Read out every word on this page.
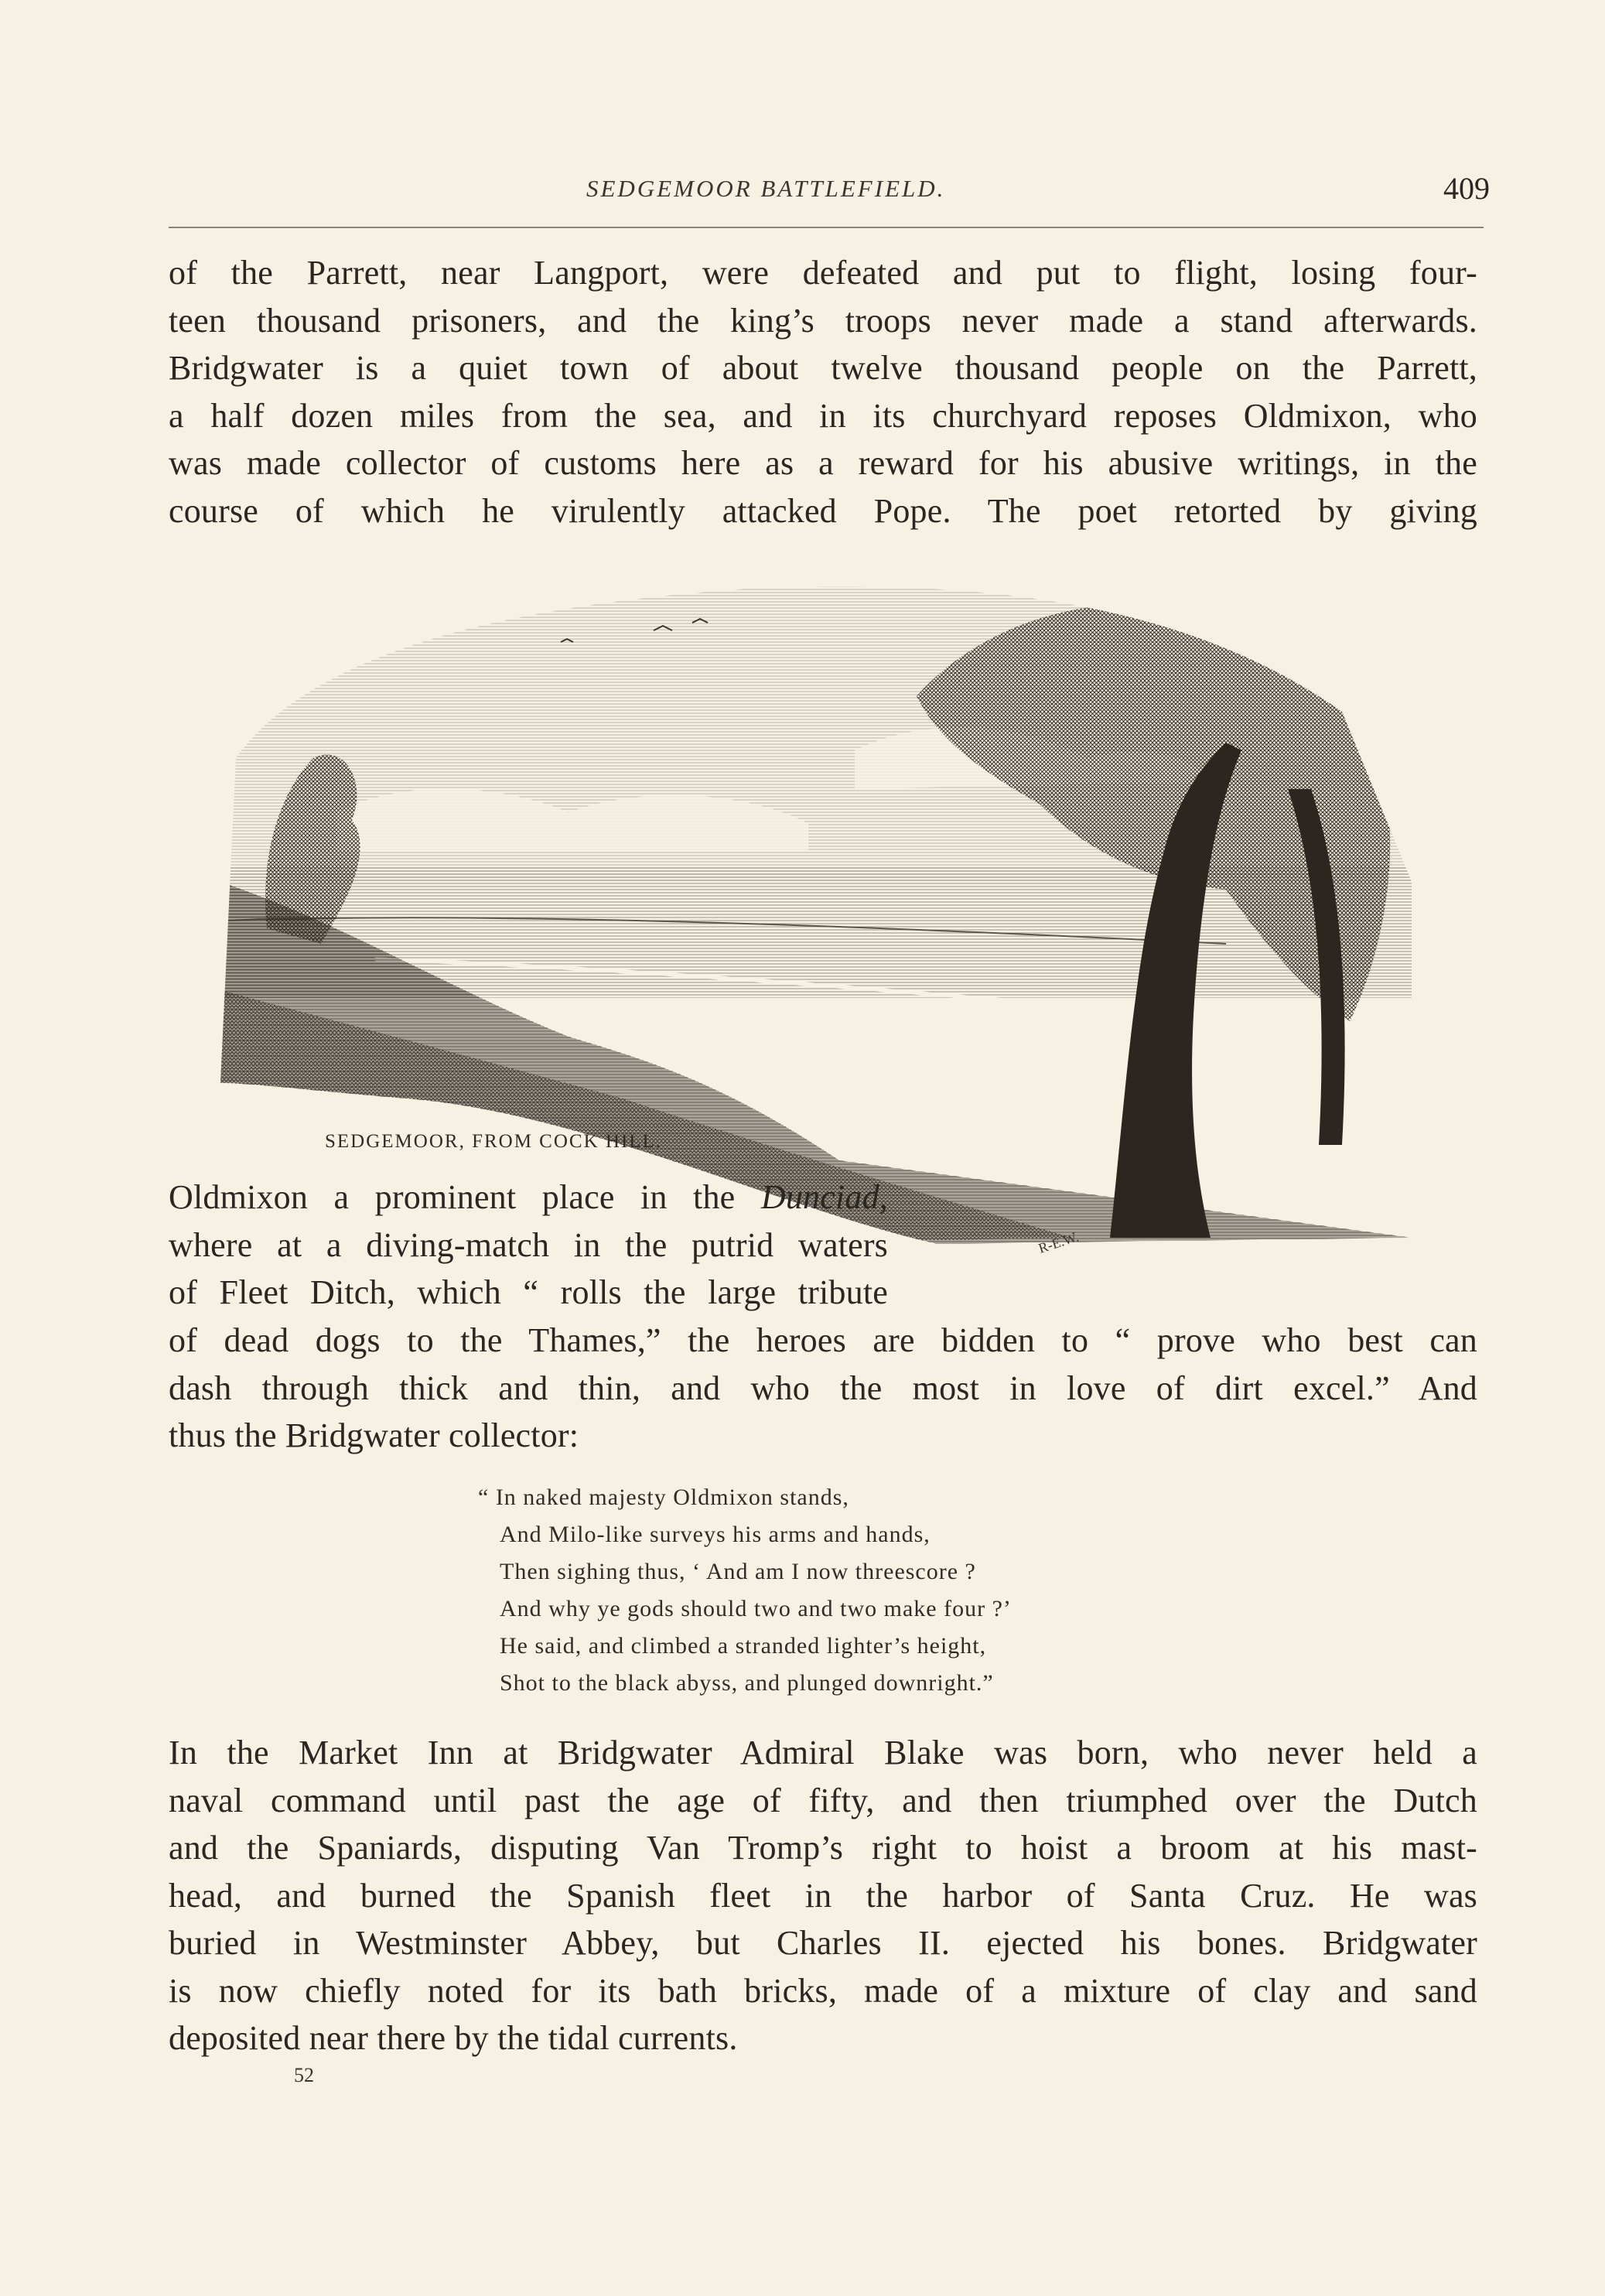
SEDGEMOOR BATTLEFIELD.	409
of the Parrett, near Langport, were defeated and put to flight, losing four-
teen thousand prisoners, and the king’s troops never made a stand afterwards.
Bridgwater is a quiet town of about twelve thousand people on the Parrett,
a half dozen miles from the sea, and in its churchyard reposes Oldmixon, who
was made collector of customs here as a reward for his abusive writings, in the
course of which he virulently attacked Pope. The poet retorted by giving
R-E.W.
SEDGEMOOR, FROM COCK HILL.
Oldmixon a prominent place in the Dunciad,
where at a diving-match in the putrid waters
of Fleet Ditch, which “ rolls the large tribute
of dead dogs to the Thames,” the heroes are bidden to “ prove who best can
dash through thick and thin, and who the most in love of dirt excel.” And
thus the Bridgwater collector:
“ In naked majesty Oldmixon stands,
And Milo-like surveys his arms and hands,
Then sighing thus, ‘ And am I now threescore ?
And why ye gods should two and two make four ?’
He said, and climbed a stranded lighter’s height,
Shot to the black abyss, and plunged downright.”
In the Market Inn at Bridgwater Admiral Blake was born, who never held a
naval command until past the age of fifty, and then triumphed over the Dutch
and the Spaniards, disputing Van Tromp’s right to hoist a broom at his mast-
head, and burned the Spanish fleet in the harbor of Santa Cruz. He was
buried in Westminster Abbey, but Charles II. ejected his bones. Bridgwater
is now chiefly noted for its bath bricks, made of a mixture of clay and sand
deposited near there by the tidal currents.
52
